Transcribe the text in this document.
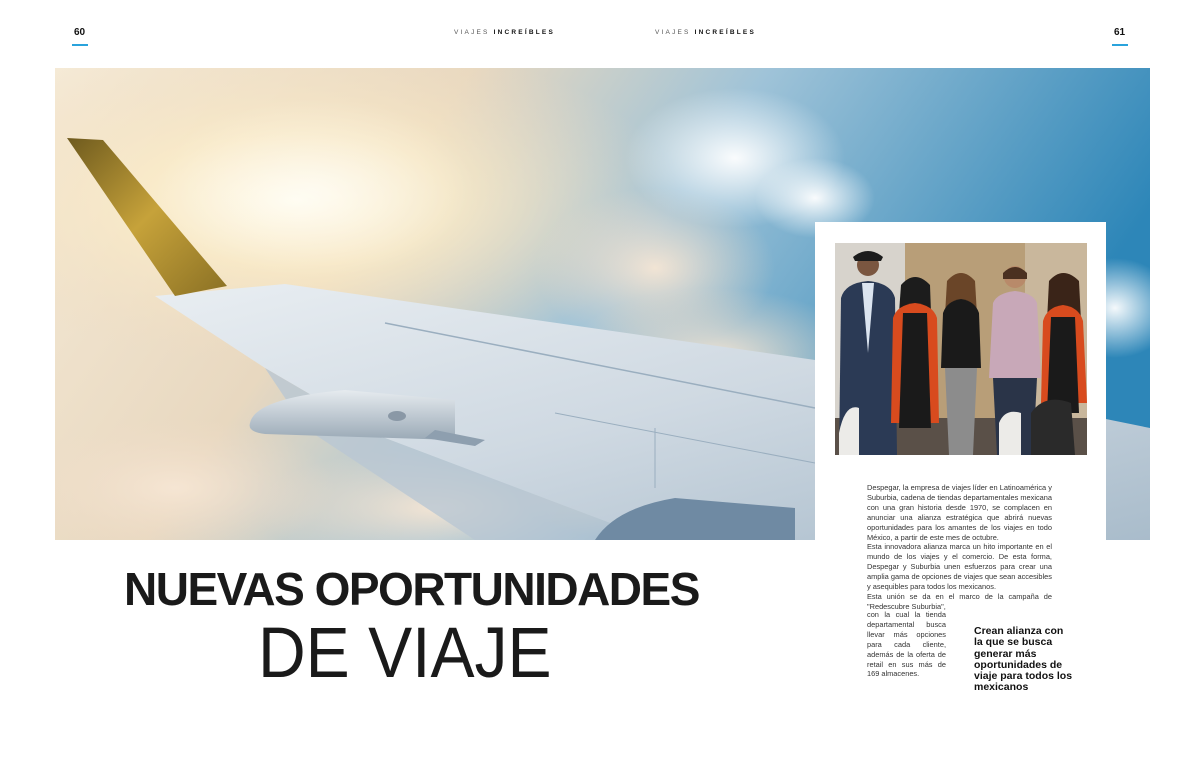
60	VIAJES INCREÍBLES	VIAJES INCREÍBLES	61
NUEVAS OPORTUNIDADES
DE VIAJE

Despegar, la empresa de viajes líder en Latinoamérica y Suburbia, cadena de tiendas departamentales mexicana con una gran historia desde 1970, se complacen en anunciar una alianza estratégica que abrirá nuevas oportunidades para los amantes de los viajes en todo México, a partir de este mes de octubre.

Esta innovadora alianza marca un hito importante en el mundo de los viajes y el comercio. De esta forma, Despegar y Suburbia unen esfuerzos para crear una amplia gama de opciones de viajes que sean accesibles y asequibles para todos los mexicanos.

Esta unión se da en el marco de la campaña de "Redescubre Suburbia",

con la cual la tienda departamental busca llevar más opciones para cada cliente, además de la oferta de retail en sus más de 169 almacenes.
Crean alianza con la que se busca generar más oportunidades de viaje para todos los mexicanos
